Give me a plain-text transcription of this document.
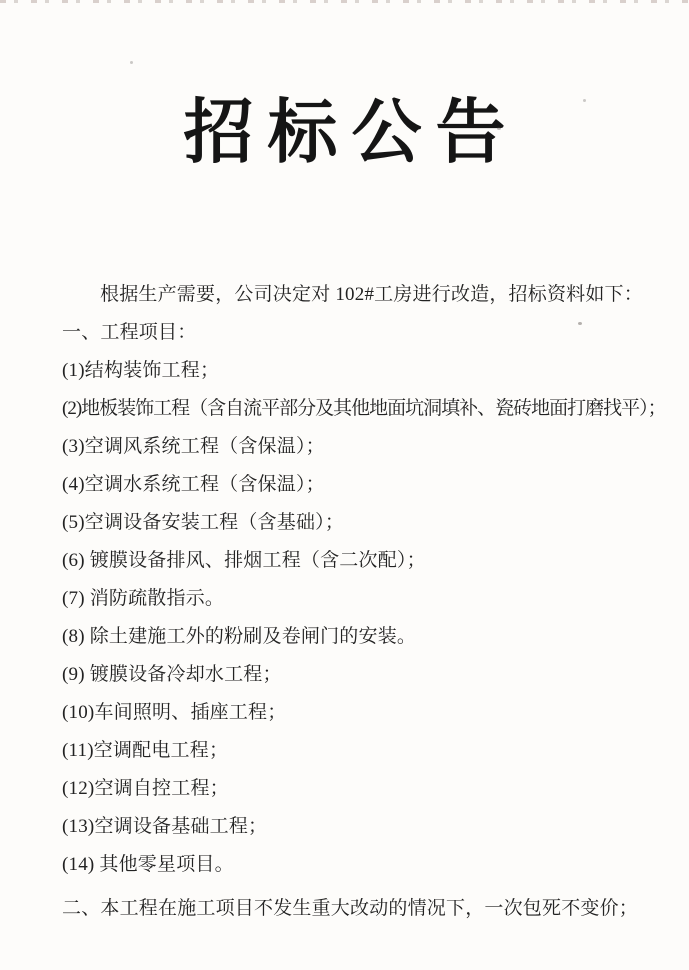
招标公告

根据生产需要，公司决定对 102#工房进行改造，招标资料如下：

一、工程项目：

(1)结构装饰工程；

(2)地板装饰工程（含自流平部分及其他地面坑洞填补、瓷砖地面打磨找平）；

(3)空调风系统工程（含保温）；

(4)空调水系统工程（含保温）；

(5)空调设备安装工程（含基础）；

(6) 镀膜设备排风、排烟工程（含二次配）；

(7) 消防疏散指示。

(8) 除土建施工外的粉刷及卷闸门的安装。

(9) 镀膜设备冷却水工程；

(10)车间照明、插座工程；

(11)空调配电工程；

(12)空调自控工程；

(13)空调设备基础工程；

(14) 其他零星项目。

二、本工程在施工项目不发生重大改动的情况下，一次包死不变价；
